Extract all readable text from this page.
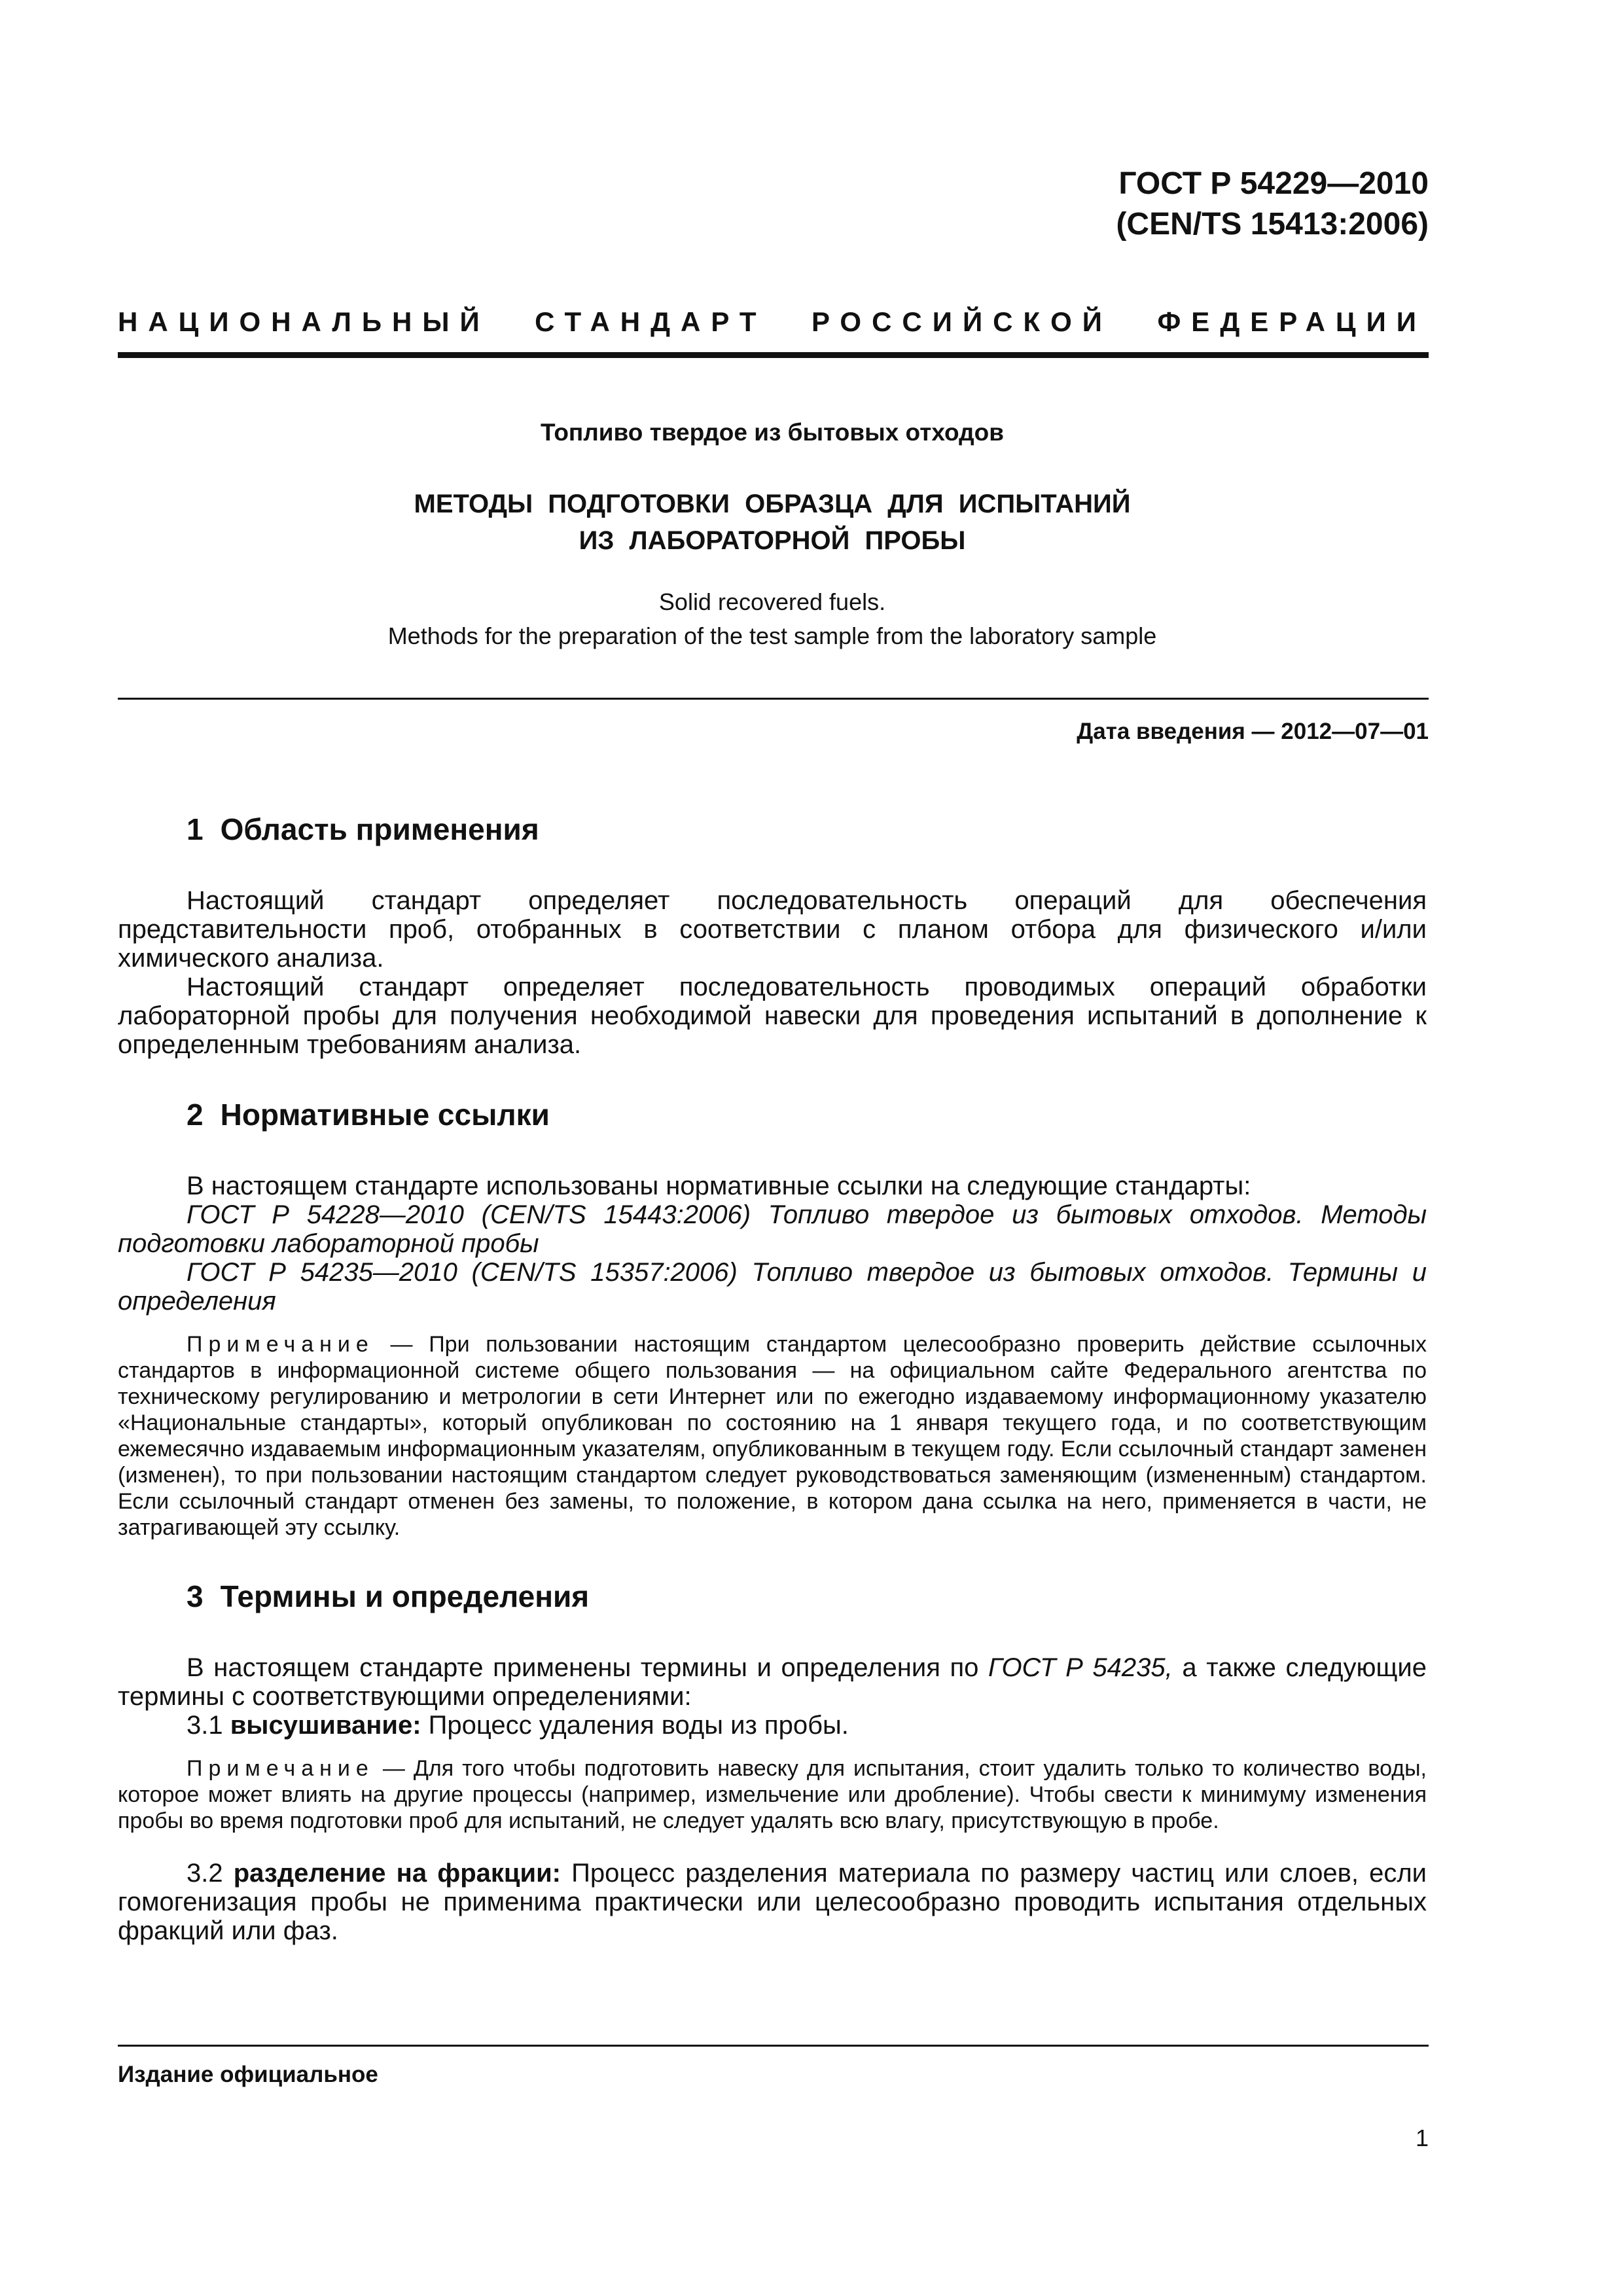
ГОСТ Р 54229—2010
(CEN/TS 15413:2006)
НАЦИОНАЛЬНЫЙ СТАНДАРТ РОССИЙСКОЙ ФЕДЕРАЦИИ
Топливо твердое из бытовых отходов
МЕТОДЫ ПОДГОТОВКИ ОБРАЗЦА ДЛЯ ИСПЫТАНИЙ
ИЗ ЛАБОРАТОРНОЙ ПРОБЫ
Solid recovered fuels.
Methods for the preparation of the test sample from the laboratory sample
Дата введения — 2012—07—01
1 Область применения

Настоящий стандарт определяет последовательность операций для обеспечения представительности проб, отобранных в соответствии с планом отбора для физического и/или химического анализа.

Настоящий стандарт определяет последовательность проводимых операций обработки лабораторной пробы для получения необходимой навески для проведения испытаний в дополнение к определенным требованиям анализа.

2 Нормативные ссылки

В настоящем стандарте использованы нормативные ссылки на следующие стандарты:

ГОСТ Р 54228—2010 (CEN/TS 15443:2006) Топливо твердое из бытовых отходов. Методы подготовки лабораторной пробы

ГОСТ Р 54235—2010 (CEN/TS 15357:2006) Топливо твердое из бытовых отходов. Термины и определения

Примечание — При пользовании настоящим стандартом целесообразно проверить действие ссылочных стандартов в информационной системе общего пользования — на официальном сайте Федерального агентства по техническому регулированию и метрологии в сети Интернет или по ежегодно издаваемому информационному указателю «Национальные стандарты», который опубликован по состоянию на 1 января текущего года, и по соответствующим ежемесячно издаваемым информационным указателям, опубликованным в текущем году. Если ссылочный стандарт заменен (изменен), то при пользовании настоящим стандартом следует руководствоваться заменяющим (измененным) стандартом. Если ссылочный стандарт отменен без замены, то положение, в котором дана ссылка на него, применяется в части, не затрагивающей эту ссылку.

3 Термины и определения

В настоящем стандарте применены термины и определения по ГОСТ Р 54235, а также следующие термины с соответствующими определениями:

3.1 высушивание: Процесс удаления воды из пробы.

Примечание — Для того чтобы подготовить навеску для испытания, стоит удалить только то количество воды, которое может влиять на другие процессы (например, измельчение или дробление). Чтобы свести к минимуму изменения пробы во время подготовки проб для испытаний, не следует удалять всю влагу, присутствующую в пробе.

3.2 разделение на фракции: Процесс разделения материала по размеру частиц или слоев, если гомогенизация пробы не применима практически или целесообразно проводить испытания отдельных фракций или фаз.

Издание официальное
1
